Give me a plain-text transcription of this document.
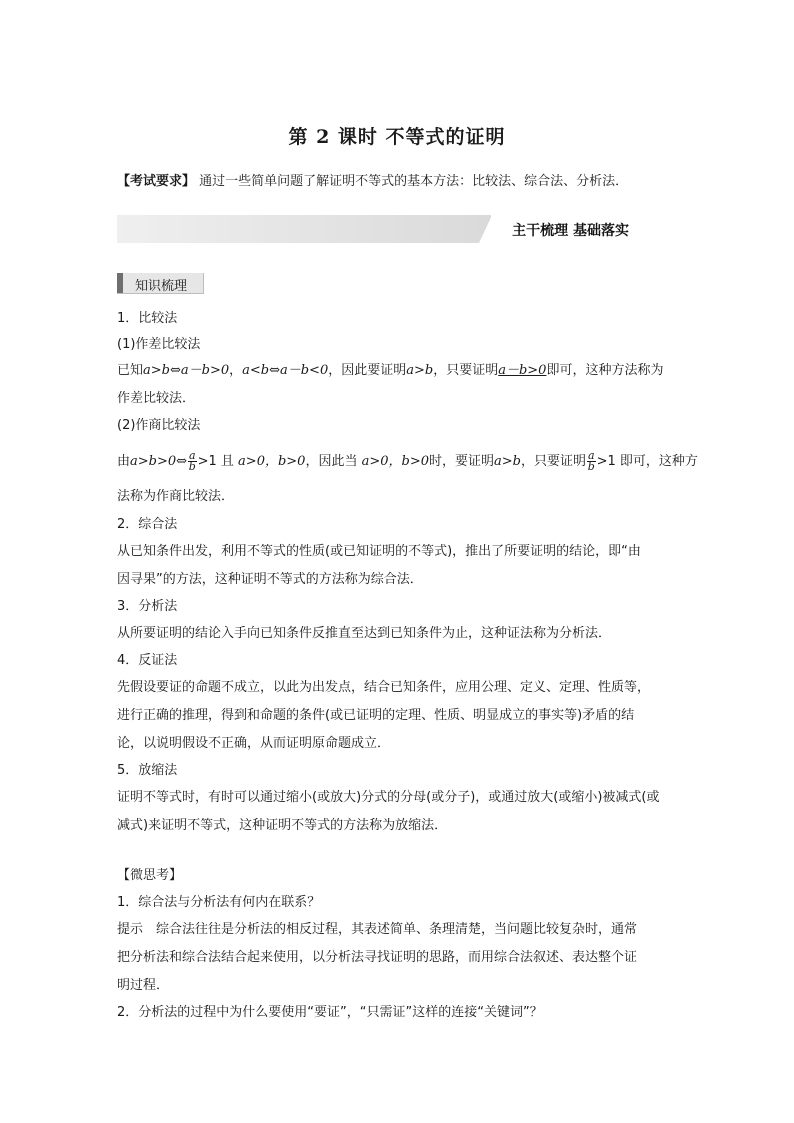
第 2 课时 不等式的证明
【考试要求】 通过一些简单问题了解证明不等式的基本方法：比较法、综合法、分析法．
主干梳理 基础落实
知识梳理
1．比较法
(1)作差比较法
已知a>b⇔a－b>0，a<b⇔a－b<0，因此要证明a>b，只要证明a－b>0即可，这种方法称为
作差比较法．
(2)作商比较法
由a>b>0⇔ $\frac{a}{b} >1$ 且 a>0，b>0，因此当 a>0，b>0时，要证明a>b，只要证明 $\frac{a}{b} >1$ 即可，这种方
法称为作商比较法．
2．综合法
从已知条件出发，利用不等式的性质(或已知证明的不等式)，推出了所要证明的结论，即“由
因寻果”的方法，这种证明不等式的方法称为综合法．
3．分析法
从所要证明的结论入手向已知条件反推直至达到已知条件为止，这种证法称为分析法．
4．反证法
先假设要证的命题不成立，以此为出发点，结合已知条件，应用公理、定义、定理、性质等，
进行正确的推理，得到和命题的条件(或已证明的定理、性质、明显成立的事实等)矛盾的结
论，以说明假设不正确，从而证明原命题成立．
5．放缩法
证明不等式时，有时可以通过缩小(或放大)分式的分母(或分子)，或通过放大(或缩小)被减式(或
减式)来证明不等式，这种证明不等式的方法称为放缩法．
【微思考】
1．综合法与分析法有何内在联系？
提示　综合法往往是分析法的相反过程，其表述简单、条理清楚，当问题比较复杂时，通常
把分析法和综合法结合起来使用，以分析法寻找证明的思路，而用综合法叙述、表达整个证
明过程．
2．分析法的过程中为什么要使用“要证”，“只需证”这样的连接“关键词”？
